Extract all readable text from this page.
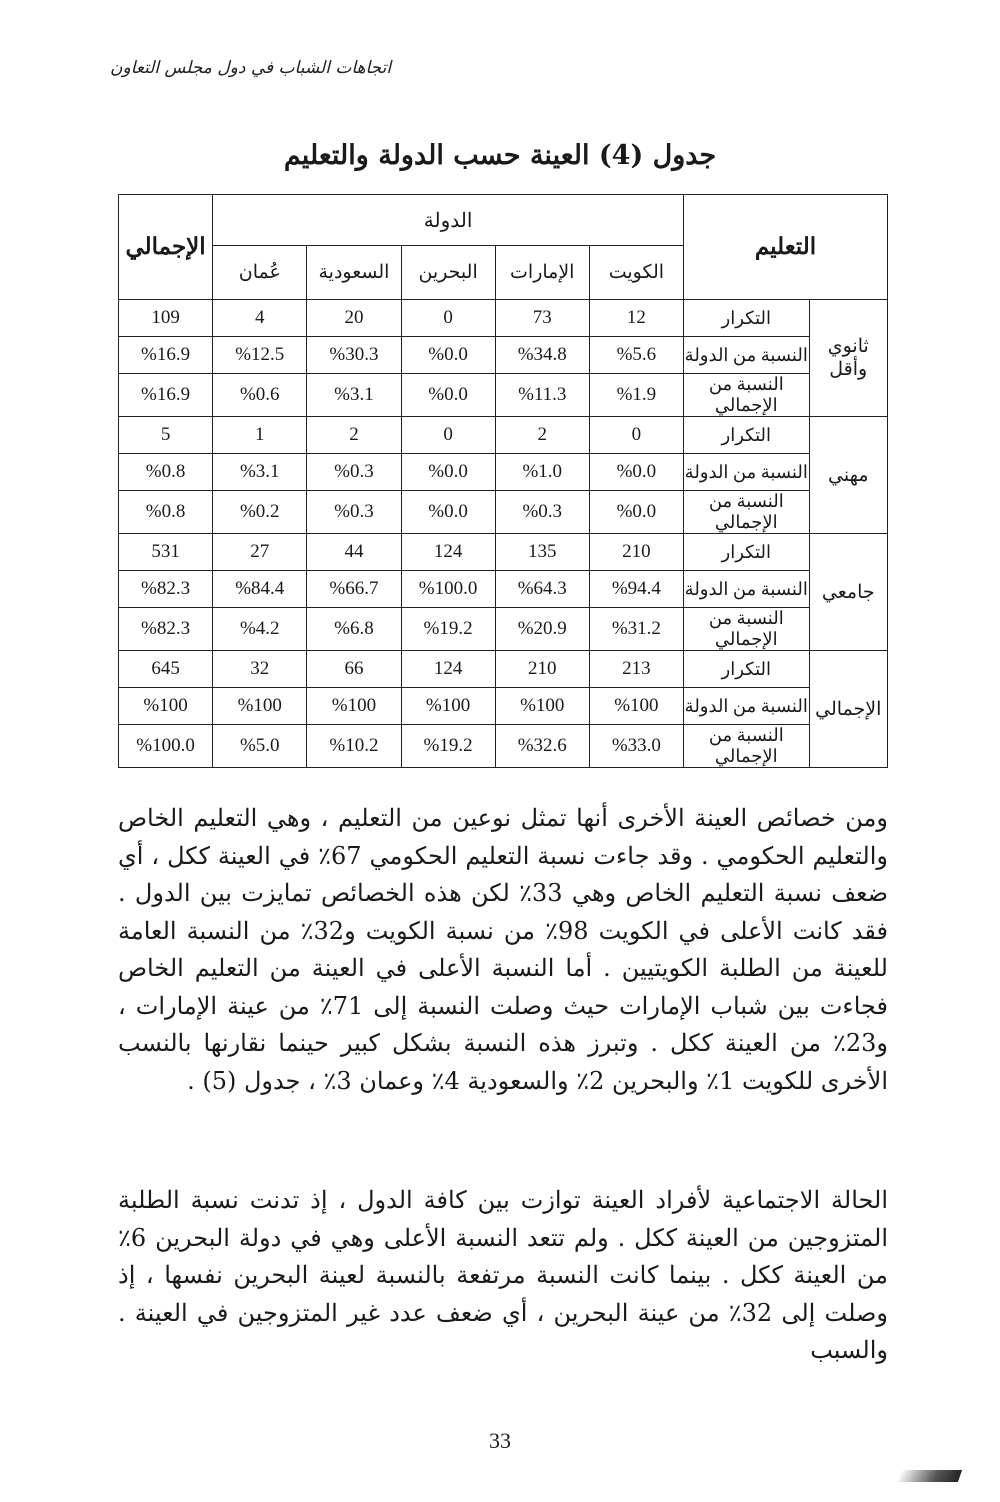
اتجاهات الشباب في دول مجلس التعاون
جدول (4) العينة حسب الدولة والتعليم
التعليم		الدولة					الإجمالي
		الكويت	الإمارات	البحرين	السعودية	عُمان	
ثانوي وأقل	التكرار	12	73	0	20	4	109
	النسبة من الدولة	%5.6	%34.8	%0.0	%30.3	%12.5	%16.9
	النسبة من الإجمالي	%1.9	%11.3	%0.0	%3.1	%0.6	%16.9
مهني	التكرار	0	2	0	2	1	5
	النسبة من الدولة	%0.0	%1.0	%0.0	%0.3	%3.1	%0.8
	النسبة من الإجمالي	%0.0	%0.3	%0.0	%0.3	%0.2	%0.8
جامعي	التكرار	210	135	124	44	27	531
	النسبة من الدولة	%94.4	%64.3	%100.0	%66.7	%84.4	%82.3
	النسبة من الإجمالي	%31.2	%20.9	%19.2	%6.8	%4.2	%82.3
الإجمالي	التكرار	213	210	124	66	32	645
	النسبة من الدولة	%100	%100	%100	%100	%100	%100
	النسبة من الإجمالي	%33.0	%32.6	%19.2	%10.2	%5.0	%100.0
ومن خصائص العينة الأخرى أنها تمثل نوعين من التعليم ، وهي التعليم الخاص والتعليم الحكومي . وقد جاءت نسبة التعليم الحكومي 67٪ في العينة ككل ، أي ضعف نسبة التعليم الخاص وهي 33٪ لكن هذه الخصائص تمايزت بين الدول . فقد كانت الأعلى في الكويت 98٪ من نسبة الكويت و32٪ من النسبة العامة للعينة من الطلبة الكويتيين . أما النسبة الأعلى في العينة من التعليم الخاص فجاءت بين شباب الإمارات حيث وصلت النسبة إلى 71٪ من عينة الإمارات ، و23٪ من العينة ككل . وتبرز هذه النسبة بشكل كبير حينما نقارنها بالنسب الأخرى للكويت 1٪ والبحرين 2٪ والسعودية 4٪ وعمان 3٪ ، جدول (5) .
الحالة الاجتماعية لأفراد العينة توازت بين كافة الدول ، إذ تدنت نسبة الطلبة المتزوجين من العينة ككل . ولم تتعد النسبة الأعلى وهي في دولة البحرين 6٪ من العينة ككل . بينما كانت النسبة مرتفعة بالنسبة لعينة البحرين نفسها ، إذ وصلت إلى 32٪ من عينة البحرين ، أي ضعف عدد غير المتزوجين في العينة . والسبب
33
